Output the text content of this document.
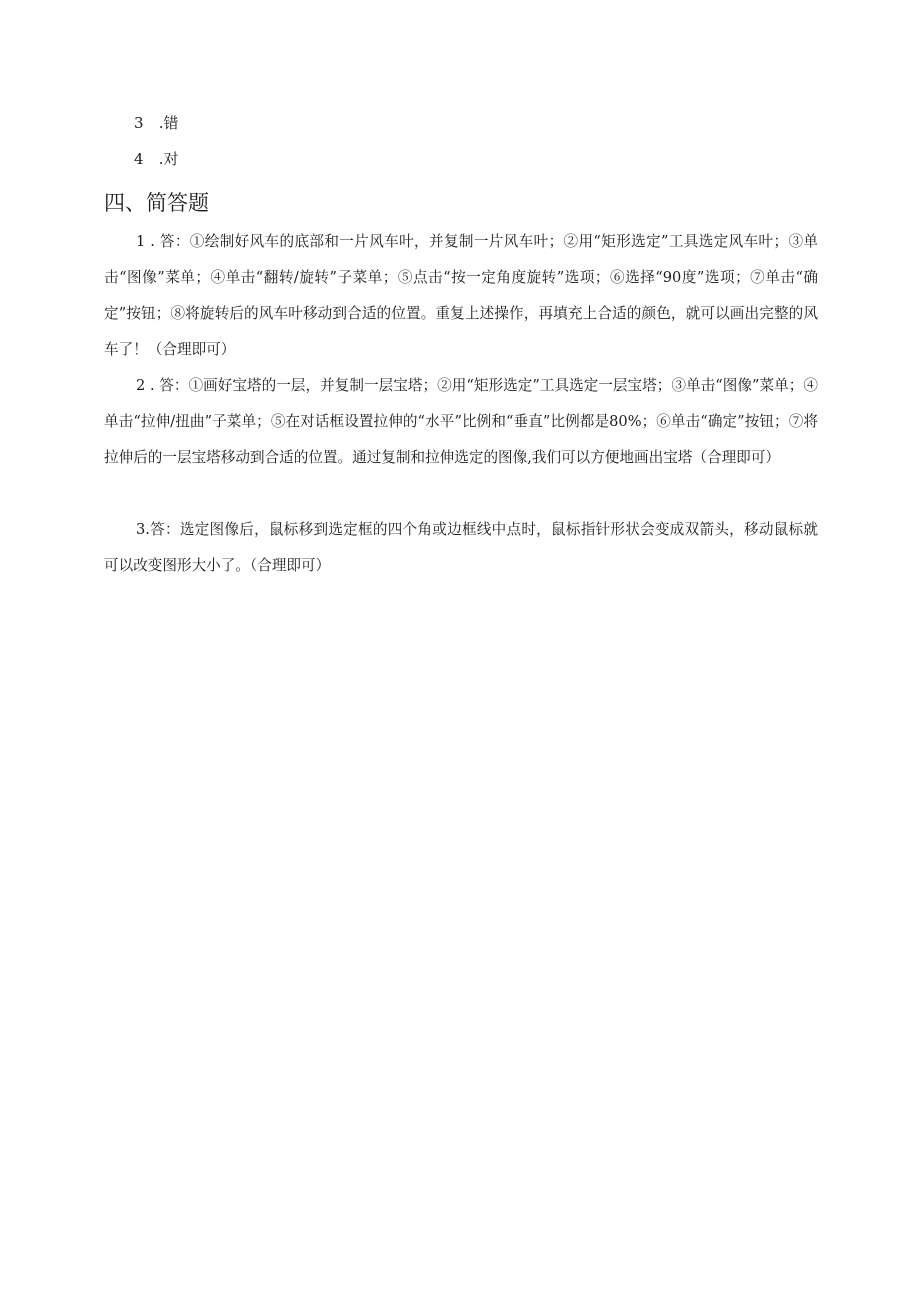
3 .错
4 .对
四、简答题

1 . 答：①绘制好风车的底部和一片风车叶，并复制一片风车叶；②用“矩形选定”工具选定风车叶；③单击“图像”菜单；④单击“翻转/旋转”子菜单；⑤点击“按一定角度旋转”选项；⑥选择“90度”选项；⑦单击“确定”按钮；⑧将旋转后的风车叶移动到合适的位置。重复上述操作，再填充上合适的颜色，就可以画出完整的风车了！（合理即可）

2 . 答：①画好宝塔的一层，并复制一层宝塔；②用“矩形选定”工具选定一层宝塔；③单击“图像”菜单；④单击“拉伸/扭曲”子菜单；⑤在对话框设置拉伸的“水平”比例和“垂直”比例都是80%；⑥单击“确定”按钮；⑦将拉伸后的一层宝塔移动到合适的位置。通过复制和拉伸选定的图像,我们可以方便地画出宝塔（合理即可）

3.答：选定图像后，鼠标移到选定框的四个角或边框线中点时，鼠标指针形状会变成双箭头，移动鼠标就可以改变图形大小了。（合理即可）
